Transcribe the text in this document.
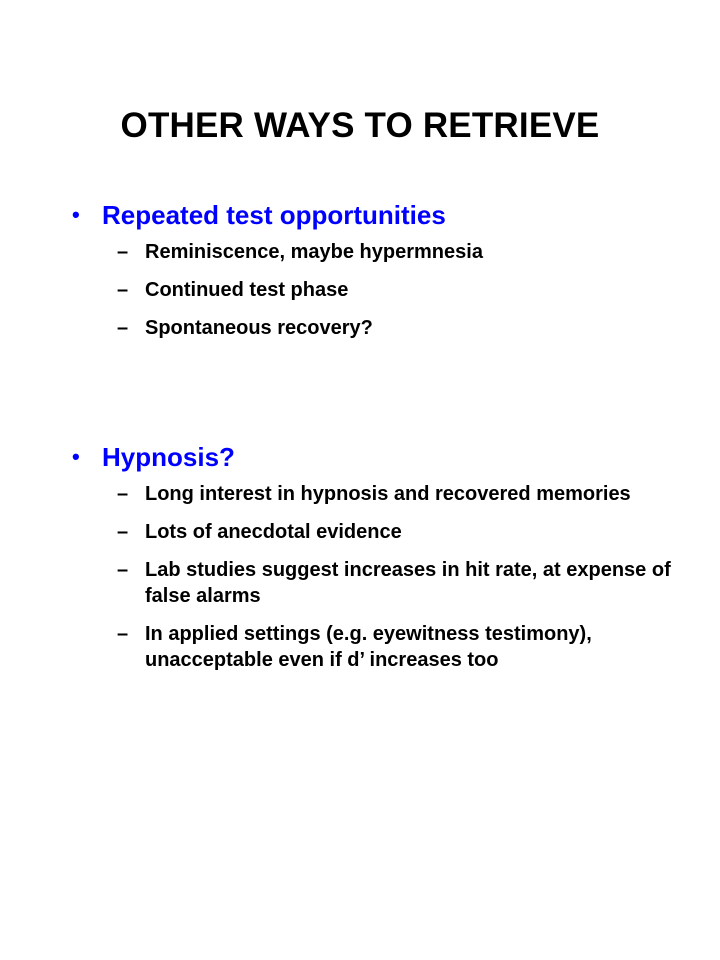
OTHER WAYS TO RETRIEVE
• Repeated test opportunities
– Reminiscence, maybe hypermnesia
– Continued test phase
– Spontaneous recovery?
• Hypnosis?
– Long interest in hypnosis and recovered memories
– Lots of anecdotal evidence
– Lab studies suggest increases in hit rate, at expense of false alarms
– In applied settings (e.g. eyewitness testimony), unacceptable even if d’ increases too
